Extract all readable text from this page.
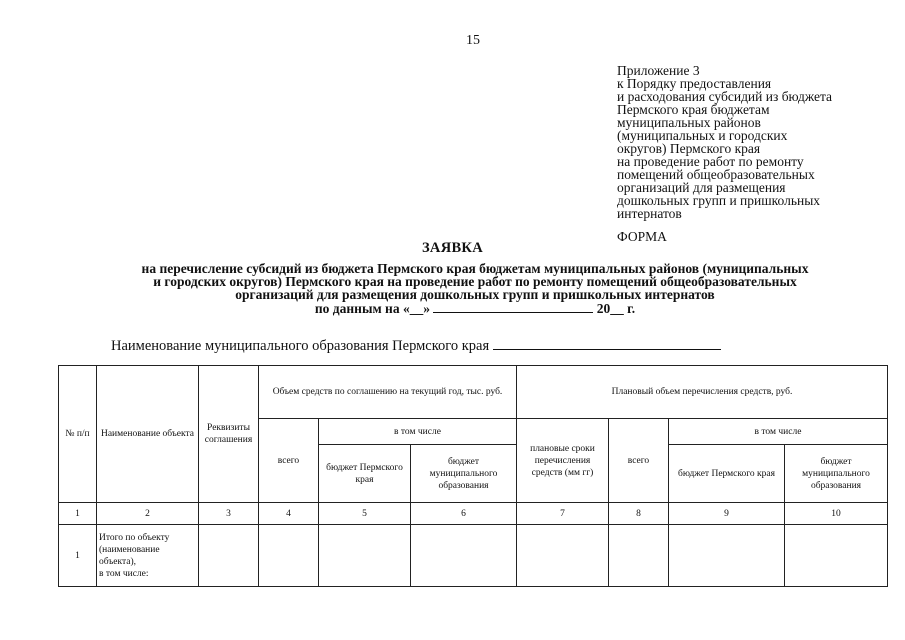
15
Приложение 3
к Порядку предоставления
и расходования субсидий из бюджета
Пермского края бюджетам
муниципальных районов
(муниципальных и городских
округов) Пермского края
на проведение работ по ремонту
помещений общеобразовательных
организаций для размещения
дошкольных групп и пришкольных
интернатов
ФОРМА
ЗАЯВКА
на перечисление субсидий из бюджета Пермского края бюджетам муниципальных районов (муниципальных
и городских округов) Пермского края на проведение работ по ремонту помещений общеобразовательных
организаций для размещения дошкольных групп и пришкольных интернатов
по данным на «__»	20__ г.
Наименование муниципального образования Пермского края
№ п/п	Наименование объекта	Реквизиты соглашения	Объем средств по соглашению на текущий год, тыс. руб.			Плановый объем перечисления средств, руб.			
			всего	в том числе		плановые сроки перечисления средств (мм гг)	всего	в том числе	
				бюджет Пермского края	бюджет муниципального образования			бюджет Пермского края	бюджет муниципального образования
1	2	3	4	5	6	7	8	9	10
1	Итого по объекту (наименование объекта),
в том числе:								
